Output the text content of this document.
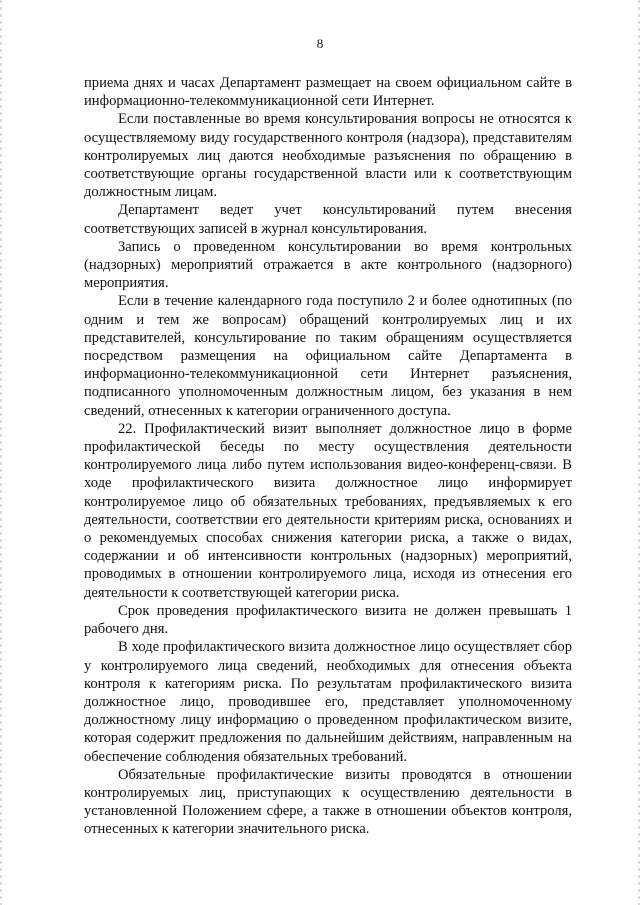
8

приема днях и часах Департамент размещает на своем официальном сайте в информационно-телекоммуникационной сети Интернет.

Если поставленные во время консультирования вопросы не относятся к осуществляемому виду государственного контроля (надзора), представителям контролируемых лиц даются необходимые разъяснения по обращению в соответствующие органы государственной власти или к соответствующим должностным лицам.

Департамент ведет учет консультирований путем внесения соответствующих записей в журнал консультирования.

Запись о проведенном консультировании во время контрольных (надзорных) мероприятий отражается в акте контрольного (надзорного) мероприятия.

Если в течение календарного года поступило 2 и более однотипных (по одним и тем же вопросам) обращений контролируемых лиц и их представителей, консультирование по таким обращениям осуществляется посредством размещения на официальном сайте Департамента в информационно-телекоммуникационной сети Интернет разъяснения, подписанного уполномоченным должностным лицом, без указания в нем сведений, отнесенных к категории ограниченного доступа.

22. Профилактический визит выполняет должностное лицо в форме профилактической беседы по месту осуществления деятельности контролируемого лица либо путем использования видео-конференц-связи. В ходе профилактического визита должностное лицо информирует контролируемое лицо об обязательных требованиях, предъявляемых к его деятельности, соответствии его деятельности критериям риска, основаниях и о рекомендуемых способах снижения категории риска, а также о видах, содержании и об интенсивности контрольных (надзорных) мероприятий, проводимых в отношении контролируемого лица, исходя из отнесения его деятельности к соответствующей категории риска.

Срок проведения профилактического визита не должен превышать 1 рабочего дня.

В ходе профилактического визита должностное лицо осуществляет сбор у контролируемого лица сведений, необходимых для отнесения объекта контроля к категориям риска. По результатам профилактического визита должностное лицо, проводившее его, представляет уполномоченному должностному лицу информацию о проведенном профилактическом визите, которая содержит предложения по дальнейшим действиям, направленным на обеспечение соблюдения обязательных требований.

Обязательные профилактические визиты проводятся в отношении контролируемых лиц, приступающих к осуществлению деятельности в установленной Положением сфере, а также в отношении объектов контроля, отнесенных к категории значительного риска.
